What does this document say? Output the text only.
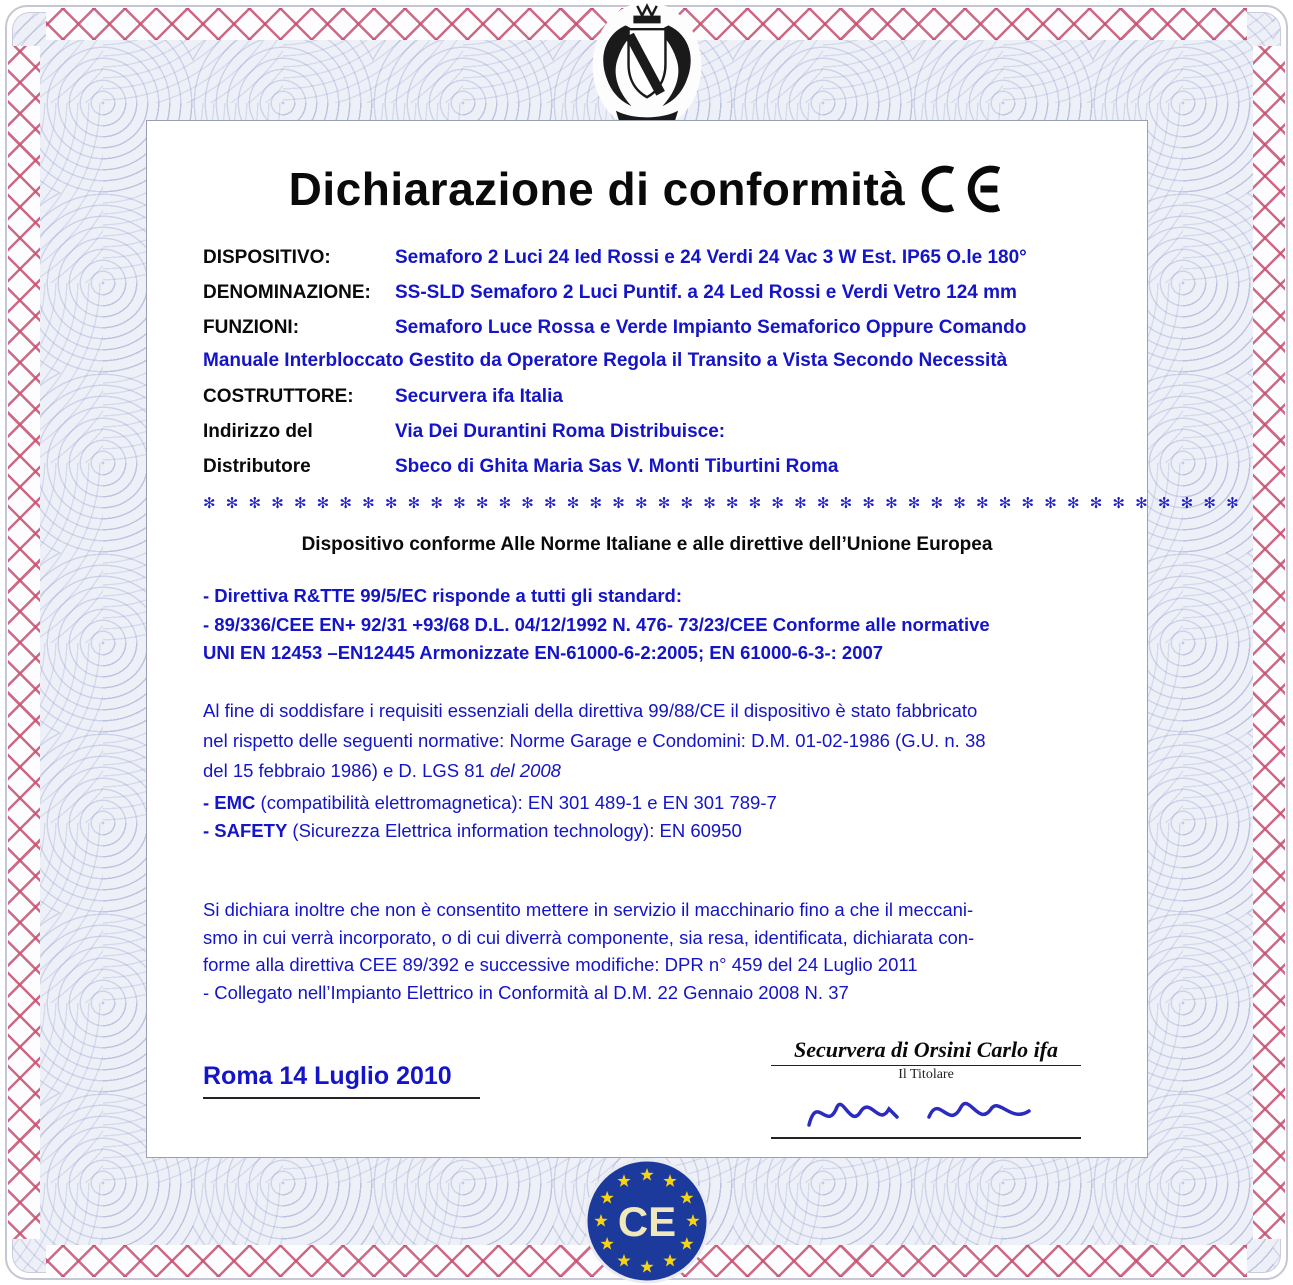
Dichiarazione di conformità
DISPOSITIVO:	Semaforo 2 Luci 24 led Rossi e 24 Verdi 24 Vac 3 W Est. IP65 O.le 180°
DENOMINAZIONE:	SS-SLD Semaforo 2 Luci Puntif. a 24 Led Rossi e Verdi Vetro 124 mm
FUNZIONI:	Semaforo Luce Rossa e Verde Impianto Semaforico Oppure Comando
Manuale Interbloccato Gestito da Operatore Regola il Transito a Vista Secondo Necessità
COSTRUTTORE:	Securvera ifa Italia
Indirizzo del	Via Dei Durantini Roma Distribuisce:
Distributore	Sbeco di Ghita Maria Sas V. Monti Tiburtini Roma
✻ ✻ ✻ ✻ ✻ ✻ ✻ ✻ ✻ ✻ ✻ ✻ ✻ ✻ ✻ ✻ ✻ ✻ ✻ ✻ ✻ ✻ ✻ ✻ ✻ ✻ ✻ ✻ ✻ ✻ ✻ ✻ ✻ ✻ ✻ ✻ ✻ ✻ ✻ ✻ ✻ ✻ ✻ ✻ ✻ ✻
Dispositivo conforme Alle Norme Italiane e alle direttive dell’Unione Europea
- Direttiva R&TTE 99/5/EC risponde a tutti gli standard:
- 89/336/CEE EN+ 92/31 +93/68 D.L. 04/12/1992 N. 476- 73/23/CEE Conforme alle normative
UNI EN 12453 –EN12445 Armonizzate EN-61000-6-2:2005; EN 61000-6-3-: 2007
Al fine di soddisfare i requisiti essenziali della direttiva 99/88/CE il dispositivo è stato fabbricato
nel rispetto delle seguenti normative: Norme Garage e Condomini: D.M. 01-02-1986 (G.U. n. 38
del 15 febbraio 1986) e D. LGS 81 del 2008
- EMC (compatibilità elettromagnetica): EN 301 489-1 e EN 301 789-7
- SAFETY (Sicurezza Elettrica information technology): EN 60950
Si dichiara inoltre che non è consentito mettere in servizio il macchinario fino a che il meccani-
smo in cui verrà incorporato, o di cui diverrà componente, sia resa, identificata, dichiarata con-
forme alla direttiva CEE 89/392 e successive modifiche: DPR n° 459 del 24 Luglio 2011
- Collegato nell’Impianto Elettrico in Conformità al D.M. 22 Gennaio 2008 N. 37
Securvera di Orsini Carlo ifa
Il Titolare
Roma 14 Luglio 2010
CE
